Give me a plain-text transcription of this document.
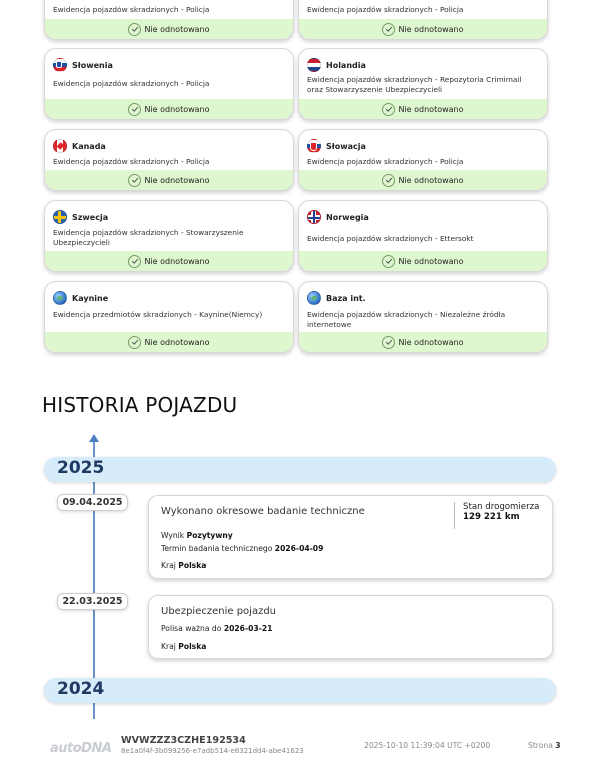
Ewidencja pojazdów skradzionych - Policja
Nie odnotowano
Ewidencja pojazdów skradzionych - Policja
Nie odnotowano
Słowenia
Ewidencja pojazdów skradzionych - Policja
Nie odnotowano
Holandia
Ewidencja pojazdów skradzionych - Repozytoria Crimimail oraz Stowarzyszenie Ubezpieczycieli
Nie odnotowano
Kanada
Ewidencja pojazdów skradzionych - Policja
Nie odnotowano
Słowacja
Ewidencja pojazdów skradzionych - Policja
Nie odnotowano
Szwecja
Ewidencja pojazdów skradzionych - Stowarzyszenie Ubezpieczycieli
Nie odnotowano
Norwegia
Ewidencja pojazdów skradzionych - Ettersokt
Nie odnotowano
Kaynine
Ewidencja przedmiotów skradzionych - Kaynine(Niemcy)
Nie odnotowano
Baza int.
Ewidencja pojazdów skradzionych - Niezależne źródła internetowe
Nie odnotowano
HISTORIA POJAZDU
2025
09.04.2025
Wykonano okresowe badanie techniczne
Wynik Pozytywny
Termin badania technicznego 2026-04-09
Kraj Polska
Stan drogomierza
129 221 km
22.03.2025
Ubezpieczenie pojazdu
Polisa ważna do 2026-03-21
Kraj Polska
2024
autoDNA
WVWZZZ3CZHE192534
8e1a0f4f-3b099256-e7adb514-e8321dd4-abe41623
2025-10-10 11:39:04 UTC +0200	Strona 3
